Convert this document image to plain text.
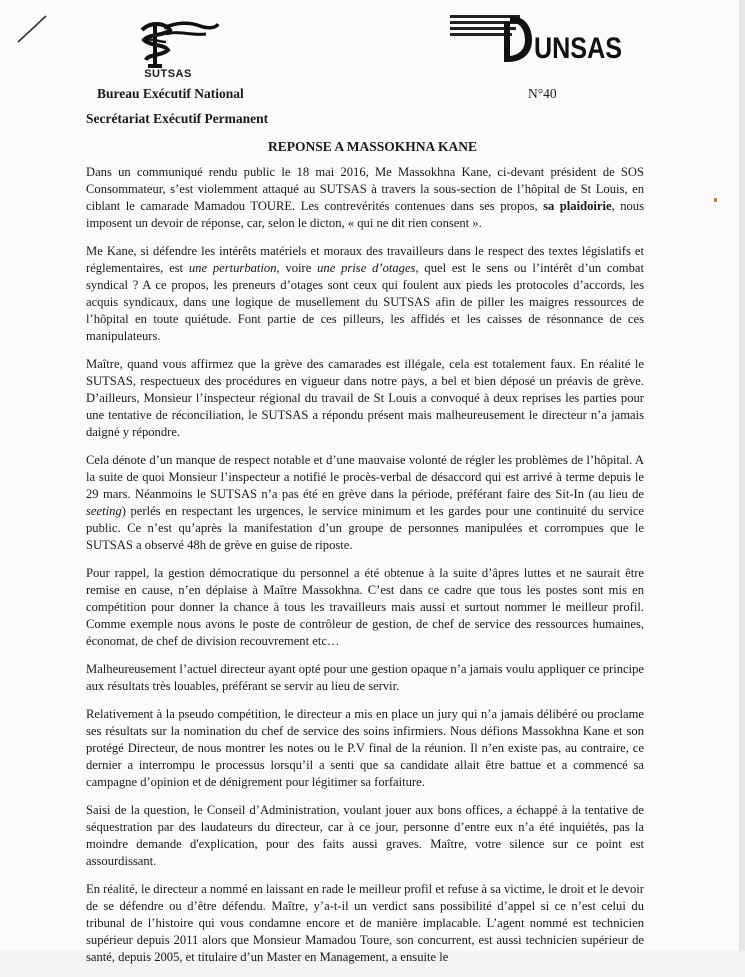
SUTSAS
Bureau Exécutif National
Secrétariat Exécutif Permanent
UNSAS
N°40
REPONSE A MASSOKHNA KANE

Dans un communiqué rendu public le 18 mai 2016, Me Massokhna Kane, ci-devant président de SOS Consommateur, s’est violemment attaqué au SUTSAS à travers la sous-section de l’hôpital de St Louis, en ciblant le camarade Mamadou TOURE. Les contrevérités contenues dans ses propos, sa plaidoirie, nous imposent un devoir de réponse, car, selon le dicton, « qui ne dit rien consent ».

Me Kane, si défendre les intérêts matériels et moraux des travailleurs dans le respect des textes législatifs et réglementaires, est une perturbation, voire une prise d’otages, quel est le sens ou l’intérêt d’un combat syndical ? A ce propos, les preneurs d’otages sont ceux qui foulent aux pieds les protocoles d’accords, les acquis syndicaux, dans une logique de musellement du SUTSAS afin de piller les maigres ressources de l’hôpital en toute quiétude. Font partie de ces pilleurs, les affidés et les caisses de résonnance de ces manipulateurs.

Maître, quand vous affirmez que la grève des camarades est illégale, cela est totalement faux. En réalité le SUTSAS, respectueux des procédures en vigueur dans notre pays, a bel et bien déposé un préavis de grève. D’ailleurs, Monsieur l’inspecteur régional du travail de St Louis a convoqué à deux reprises les parties pour une tentative de réconciliation, le SUTSAS a répondu présent mais malheureusement le directeur n’a jamais daigné y répondre.

Cela dénote d’un manque de respect notable et d’une mauvaise volonté de régler les problèmes de l’hôpital. A la suite de quoi Monsieur l’inspecteur a notifié le procès-verbal de désaccord qui est arrivé à terme depuis le 29 mars. Néanmoins le SUTSAS n’a pas été en grève dans la période, préférant faire des Sit-In (au lieu de seeting) perlés en respectant les urgences, le service minimum et les gardes pour une continuité du service public. Ce n’est qu’après la manifestation d’un groupe de personnes manipulées et corrompues que le SUTSAS a observé 48h de grève en guise de riposte.

Pour rappel, la gestion démocratique du personnel a été obtenue à la suite d’âpres luttes et ne saurait être remise en cause, n’en déplaise à Maître Massokhna. C’est dans ce cadre que tous les postes sont mis en compétition pour donner la chance à tous les travailleurs mais aussi et surtout nommer le meilleur profil. Comme exemple nous avons le poste de contrôleur de gestion, de chef de service des ressources humaines, économat, de chef de division recouvrement etc…

Malheureusement l’actuel directeur ayant opté pour une gestion opaque n’a jamais voulu appliquer ce principe aux résultats très louables, préférant se servir au lieu de servir.

Relativement à la pseudo compétition, le directeur a mis en place un jury qui n’a jamais délibéré ou proclame ses résultats sur la nomination du chef de service des soins infirmiers. Nous défions Massokhna Kane et son protégé Directeur, de nous montrer les notes ou le P.V final de la réunion. Il n’en existe pas, au contraire, ce dernier a interrompu le processus lorsqu’il a senti que sa candidate allait être battue et a commencé sa campagne d’opinion et de dénigrement pour légitimer sa forfaiture.

Saisi de la question, le Conseil d’Administration, voulant jouer aux bons offices, a échappé à la tentative de séquestration par des laudateurs du directeur, car à ce jour, personne d’entre eux n’a été inquiétés, pas la moindre demande d'explication, pour des faits aussi graves. Maître, votre silence sur ce point est assourdissant.

En réalité, le directeur a nommé en laissant en rade le meilleur profil et refuse à sa victime, le droit et le devoir de se défendre ou d’être défendu. Maître, y’a-t-il un verdict sans possibilité d’appel si ce n’est celui du tribunal de l’histoire qui vous condamne encore et de manière implacable. L’agent nommé est technicien supérieur depuis 2011 alors que Monsieur Mamadou Toure, son concurrent, est aussi technicien supérieur de santé, depuis 2005, et titulaire d’un Master en Management, a ensuite le
